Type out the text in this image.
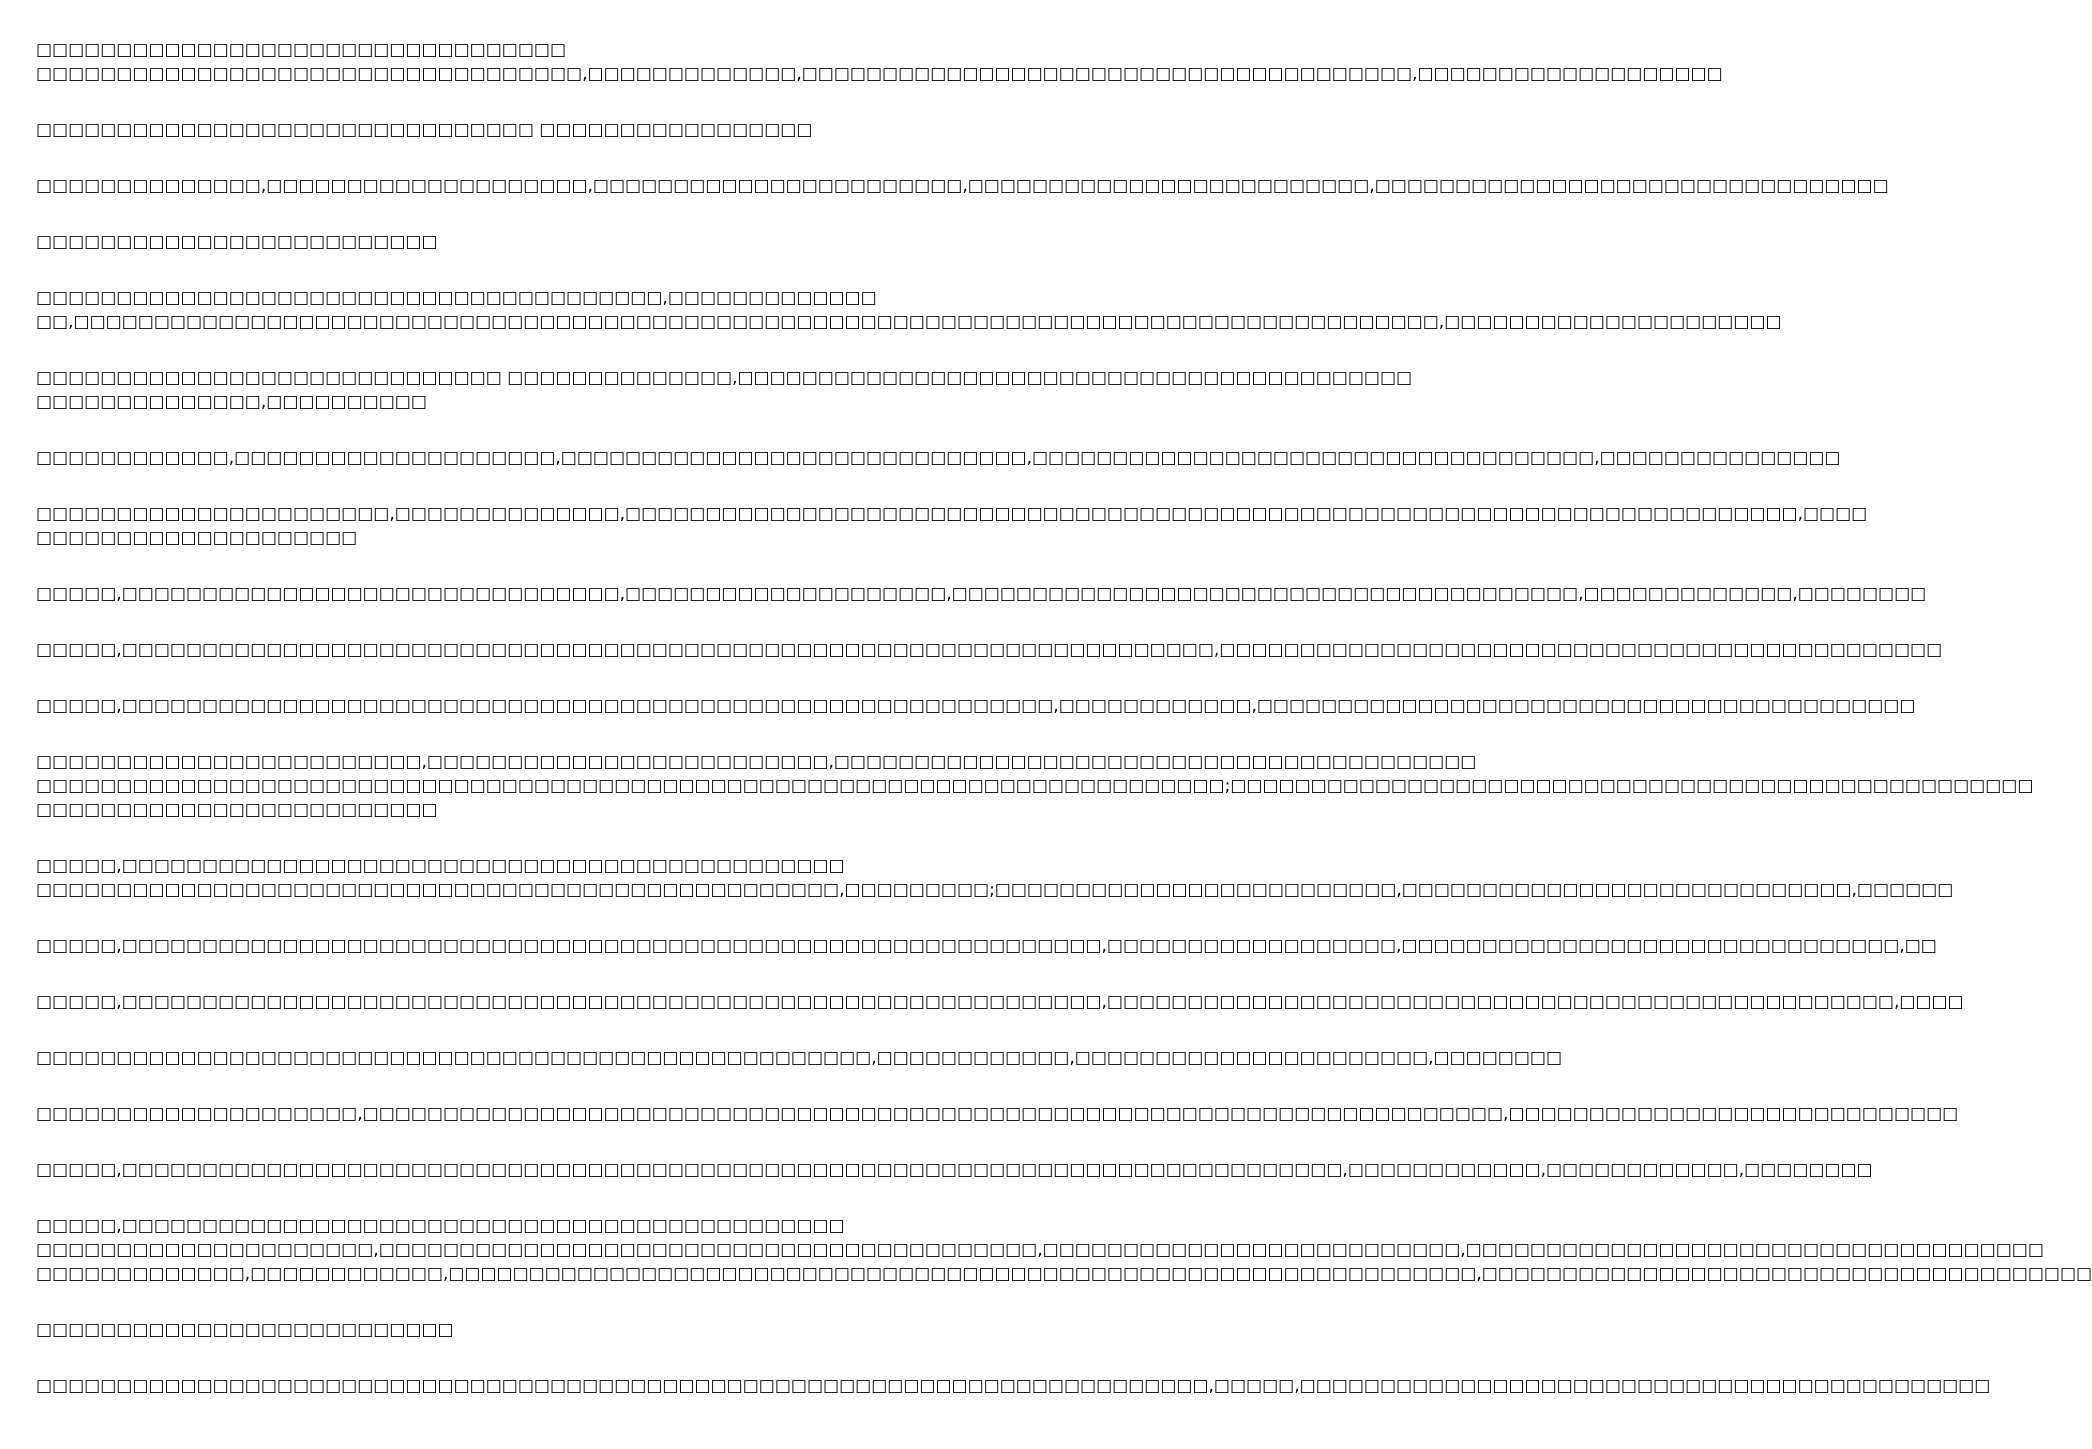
□□□□□□□□□□□□□□□□□□□□□□□□□□□□□□□□□
□□□□□□□□□□□□□□□□□□□□□□□□□□□□□□□□□□,□□□□□□□□□□□□□,□□□□□□□□□□□□□□□□□□□□□□□□□□□□□□□□□□□□□□,□□□□□□□□□□□□□□□□□□□
□□□□□□□□□□□□□□□□□□□□□□□□□□□□□□□ □□□□□□□□□□□□□□□□□
□□□□□□□□□□□□□□,□□□□□□□□□□□□□□□□□□□□,□□□□□□□□□□□□□□□□□□□□□□□,□□□□□□□□□□□□□□□□□□□□□□□□□,□□□□□□□□□□□□□□□□□□□□□□□□□□□□□□□□
□□□□□□□□□□□□□□□□□□□□□□□□□
□□□□□□□□□□□□□□□□□□□□□□□□□□□□□□□□□□□□□□□,□□□□□□□□□□□□□
□□,□□□□□□□□□□□□□□□□□□□□□□□□□□□□□□□□□□□□□□□□□□□□□□□□□□□□□□□□□□□□□□□□□□□□□□□□□□□□□□□□□□□□□,□□□□□□□□□□□□□□□□□□□□□
□□□□□□□□□□□□□□□□□□□□□□□□□□□□□ □□□□□□□□□□□□□□,□□□□□□□□□□□□□□□□□□□□□□□□□□□□□□□□□□□□□□□□□□
□□□□□□□□□□□□□□,□□□□□□□□□□
□□□□□□□□□□□□,□□□□□□□□□□□□□□□□□□□□,□□□□□□□□□□□□□□□□□□□□□□□□□□□□□,□□□□□□□□□□□□□□□□□□□□□□□□□□□□□□□□□□□,□□□□□□□□□□□□□□□
□□□□□□□□□□□□□□□□□□□□□□,□□□□□□□□□□□□□□,□□□□□□□□□□□□□□□□□□□□□□□□□□□□□□□□□□□□□□□□□□□□□□□□□□□□□□□□□□□□□□□□□□□□□□□□□,□□□□
□□□□□□□□□□□□□□□□□□□□
□□□□□,□□□□□□□□□□□□□□□□□□□□□□□□□□□□□□□,□□□□□□□□□□□□□□□□□□□□,□□□□□□□□□□□□□□□□□□□□□□□□□□□□□□□□□□□□□□□,□□□□□□□□□□□□□,□□□□□□□□
□□□□□,□□□□□□□□□□□□□□□□□□□□□□□□□□□□□□□□□□□□□□□□□□□□□□□□□□□□□□□□□□□□□□□□□□□□,□□□□□□□□□□□□□□□□□□□□□□□□□□□□□□□□□□□□□□□□□□□□□
□□□□□,□□□□□□□□□□□□□□□□□□□□□□□□□□□□□□□□□□□□□□□□□□□□□□□□□□□□□□□□□□,□□□□□□□□□□□□,□□□□□□□□□□□□□□□□□□□□□□□□□□□□□□□□□□□□□□□□□
□□□□□□□□□□□□□□□□□□□□□□□□,□□□□□□□□□□□□□□□□□□□□□□□□□,□□□□□□□□□□□□□□□□□□□□□□□□□□□□□□□□□□□□□□□□
□□□□□□□□□□□□□□□□□□□□□□□□□□□□□□□□□□□□□□□□□□□□□□□□□□□□□□□□□□□□□□□□□□□□□□□□□□;□□□□□□□□□□□□□□□□□□□□□□□□□□□□□□□□□□□□□□□□□□□□□□□□□□
□□□□□□□□□□□□□□□□□□□□□□□□□
□□□□□,□□□□□□□□□□□□□□□□□□□□□□□□□□□□□□□□□□□□□□□□□□□□□
□□□□□□□□□□□□□□□□□□□□□□□□□□□□□□□□□□□□□□□□□□□□□□□□□□,□□□□□□□□□;□□□□□□□□□□□□□□□□□□□□□□□□□,□□□□□□□□□□□□□□□□□□□□□□□□□□□□,□□□□□□
□□□□□,□□□□□□□□□□□□□□□□□□□□□□□□□□□□□□□□□□□□□□□□□□□□□□□□□□□□□□□□□□□□□,□□□□□□□□□□□□□□□□□□,□□□□□□□□□□□□□□□□□□□□□□□□□□□□□□□,□□
□□□□□,□□□□□□□□□□□□□□□□□□□□□□□□□□□□□□□□□□□□□□□□□□□□□□□□□□□□□□□□□□□□□,□□□□□□□□□□□□□□□□□□□□□□□□□□□□□□□□□□□□□□□□□□□□□□□□□,□□□□
□□□□□□□□□□□□□□□□□□□□□□□□□□□□□□□□□□□□□□□□□□□□□□□□□□□□,□□□□□□□□□□□□,□□□□□□□□□□□□□□□□□□□□□□,□□□□□□□□
□□□□□□□□□□□□□□□□□□□□,□□□□□□□□□□□□□□□□□□□□□□□□□□□□□□□□□□□□□□□□□□□□□□□□□□□□□□□□□□□□□□□□□□□□□□□,□□□□□□□□□□□□□□□□□□□□□□□□□□□□
□□□□□,□□□□□□□□□□□□□□□□□□□□□□□□□□□□□□□□□□□□□□□□□□□□□□□□□□□□□□□□□□□□□□□□□□□□□□□□□□□□,□□□□□□□□□□□□,□□□□□□□□□□□□,□□□□□□□□
□□□□□,□□□□□□□□□□□□□□□□□□□□□□□□□□□□□□□□□□□□□□□□□□□□□
□□□□□□□□□□□□□□□□□□□□□,□□□□□□□□□□□□□□□□□□□□□□□□□□□□□□□□□□□□□□□□□,□□□□□□□□□□□□□□□□□□□□□□□□□□,□□□□□□□□□□□□□□□□□□□□□□□□□□□□□□□□□□□□
□□□□□□□□□□□□□,□□□□□□□□□□□□,□□□□□□□□□□□□□□□□□□□□□□□□□□□□□□□□□□□□□□□□□□□□□□□□□□□□□□□□□□□□□□□□,□□□□□□□□□□□□□□□□□□□□□□□□□□□□□□□□□□□□□□
□□□□□□□□□□□□□□□□□□□□□□□□□□
□□□□□□□□□□□□□□□□□□□□□□□□□□□□□□□□□□□□□□□□□□□□□□□□□□□□□□□□□□□□□□□□□□□□□□□□□,□□□□□,□□□□□□□□□□□□□□□□□□□□□□□□□□□□□□□□□□□□□□□□□□□
